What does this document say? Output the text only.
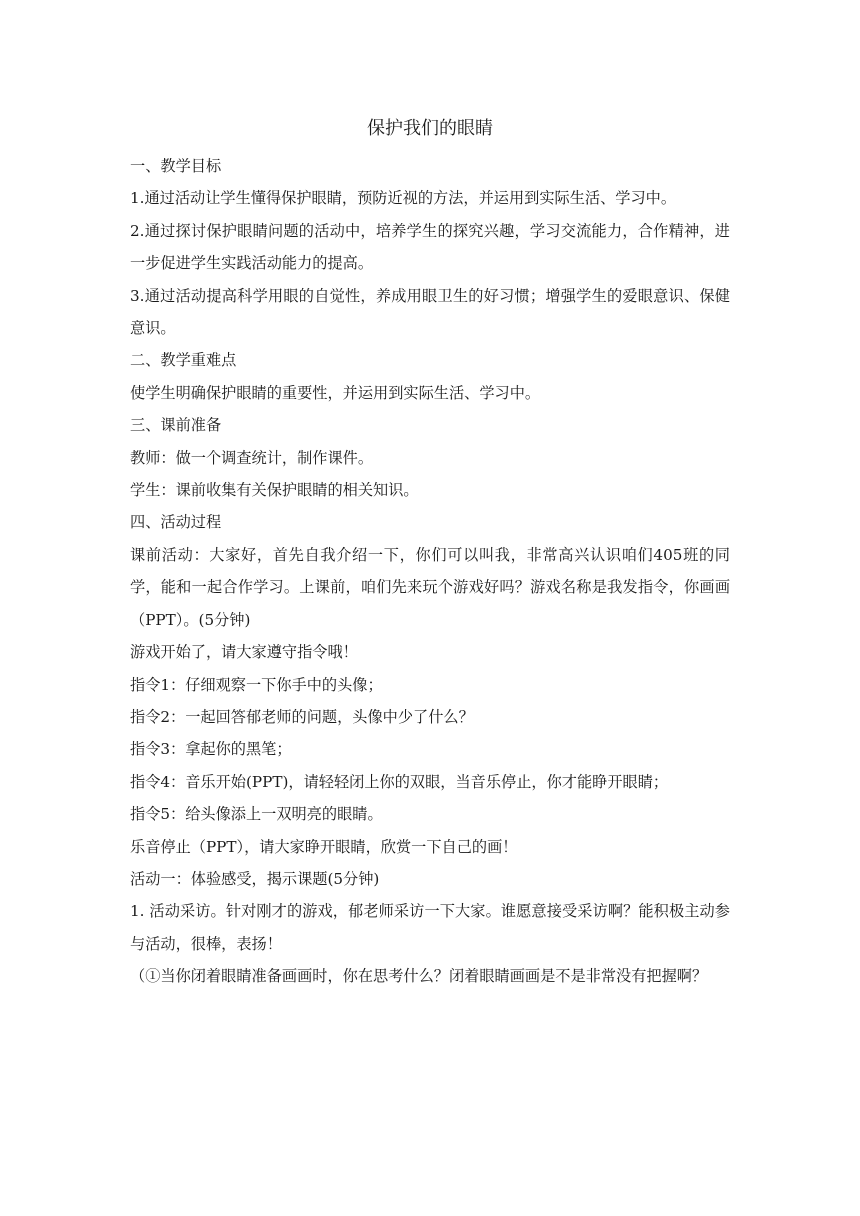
保护我们的眼睛

一、教学目标

1.通过活动让学生懂得保护眼睛，预防近视的方法，并运用到实际生活、学习中。

2.通过探讨保护眼睛问题的活动中，培养学生的探究兴趣，学习交流能力，合作精神，进一步促进学生实践活动能力的提高。

3.通过活动提高科学用眼的自觉性，养成用眼卫生的好习惯；增强学生的爱眼意识、保健意识。

二、教学重难点

使学生明确保护眼睛的重要性，并运用到实际生活、学习中。

三、课前准备

教师：做一个调查统计，制作课件。

学生：课前收集有关保护眼睛的相关知识。

四、活动过程

课前活动：大家好，首先自我介绍一下，你们可以叫我，非常高兴认识咱们405班的同学，能和一起合作学习。上课前，咱们先来玩个游戏好吗？游戏名称是我发指令，你画画（PPT）。(5分钟)

游戏开始了，请大家遵守指令哦！

指令1：仔细观察一下你手中的头像；

指令2：一起回答郁老师的问题，头像中少了什么？

指令3：拿起你的黑笔；

指令4：音乐开始(PPT)，请轻轻闭上你的双眼，当音乐停止，你才能睁开眼睛；

指令5：给头像添上一双明亮的眼睛。

乐音停止（PPT），请大家睁开眼睛，欣赏一下自己的画！

活动一：体验感受，揭示课题(5分钟)

1. 活动采访。针对刚才的游戏，郁老师采访一下大家。谁愿意接受采访啊？能积极主动参与活动，很棒，表扬！

（①当你闭着眼睛准备画画时，你在思考什么？闭着眼睛画画是不是非常没有把握啊？
